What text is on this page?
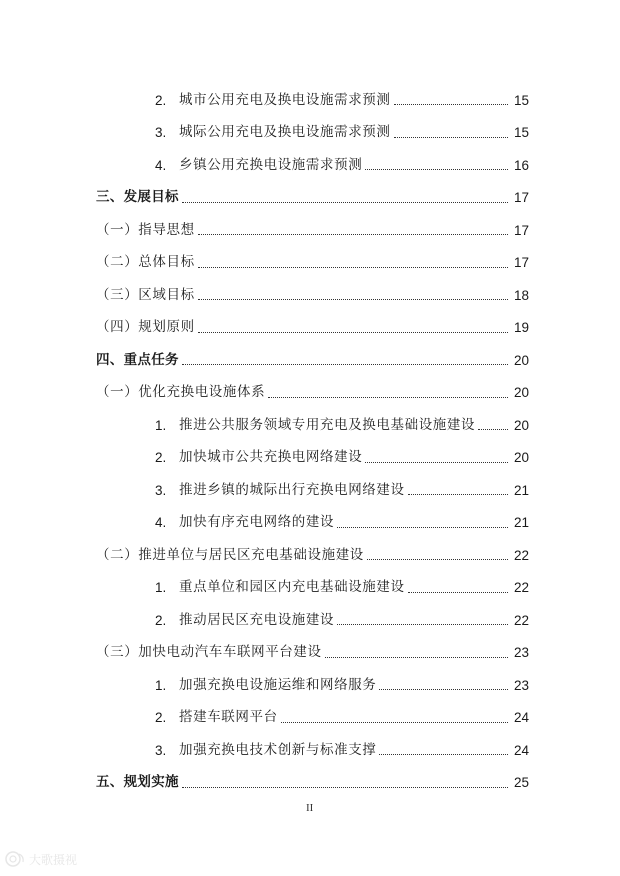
2. 城市公用充电及换电设施需求预测	15
3. 城际公用充电及换电设施需求预测	15
4. 乡镇公用充换电设施需求预测	16
三、发展目标	17
（一）指导思想	17
（二）总体目标	17
（三）区域目标	18
（四）规划原则	19
四、重点任务	20
（一）优化充换电设施体系	20
1. 推进公共服务领域专用充电及换电基础设施建设	20
2. 加快城市公共充换电网络建设	20
3. 推进乡镇的城际出行充换电网络建设	21
4. 加快有序充电网络的建设	21
（二）推进单位与居民区充电基础设施建设	22
1. 重点单位和园区内充电基础设施建设	22
2. 推动居民区充电设施建设	22
（三）加快电动汽车车联网平台建设	23
1. 加强充换电设施运维和网络服务	23
2. 搭建车联网平台	24
3. 加强充换电技术创新与标准支撑	24
五、规划实施	25
II
大歌摄视
